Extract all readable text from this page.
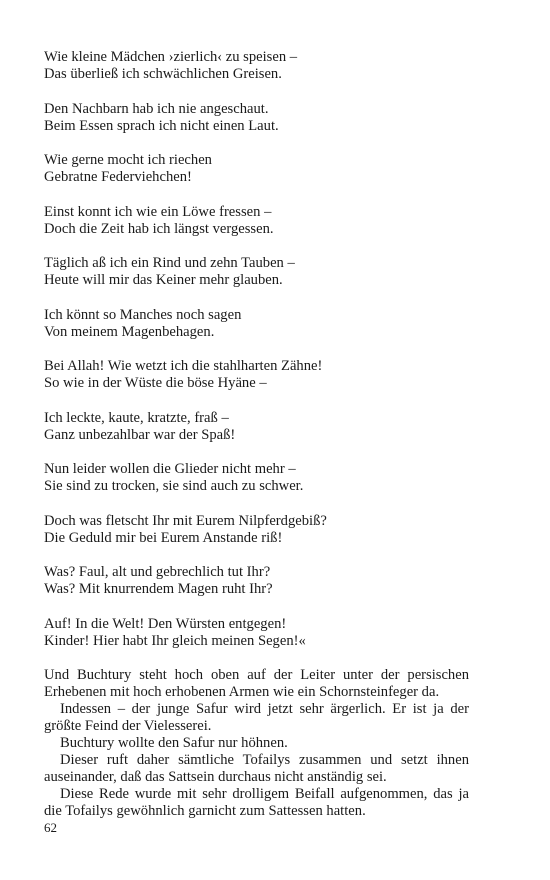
Wie kleine Mädchen ›zierlich‹ zu speisen –
Das überließ ich schwächlichen Greisen.
Den Nachbarn hab ich nie angeschaut.
Beim Essen sprach ich nicht einen Laut.
Wie gerne mocht ich riechen
Gebratne Federviehchen!
Einst konnt ich wie ein Löwe fressen –
Doch die Zeit hab ich längst vergessen.
Täglich aß ich ein Rind und zehn Tauben –
Heute will mir das Keiner mehr glauben.
Ich könnt so Manches noch sagen
Von meinem Magenbehagen.
Bei Allah! Wie wetzt ich die stahlharten Zähne!
So wie in der Wüste die böse Hyäne –
Ich leckte, kaute, kratzte, fraß –
Ganz unbezahlbar war der Spaß!
Nun leider wollen die Glieder nicht mehr –
Sie sind zu trocken, sie sind auch zu schwer.
Doch was fletscht Ihr mit Eurem Nilpferdgebiß?
Die Geduld mir bei Eurem Anstande riß!
Was? Faul, alt und gebrechlich tut Ihr?
Was? Mit knurrendem Magen ruht Ihr?
Auf! In die Welt! Den Würsten entgegen!
Kinder! Hier habt Ihr gleich meinen Segen!«

Und Buchtury steht hoch oben auf der Leiter unter der persischen Erhebenen mit hoch erhobenen Armen wie ein Schornsteinfeger da.

Indessen – der junge Safur wird jetzt sehr ärgerlich. Er ist ja der größte Feind der Vielesserei.

Buchtury wollte den Safur nur höhnen.

Dieser ruft daher sämtliche Tofailys zusammen und setzt ihnen auseinander, daß das Sattsein durchaus nicht anständig sei.

Diese Rede wurde mit sehr drolligem Beifall aufgenommen, das ja die Tofailys gewöhnlich garnicht zum Sattessen hatten.

62
